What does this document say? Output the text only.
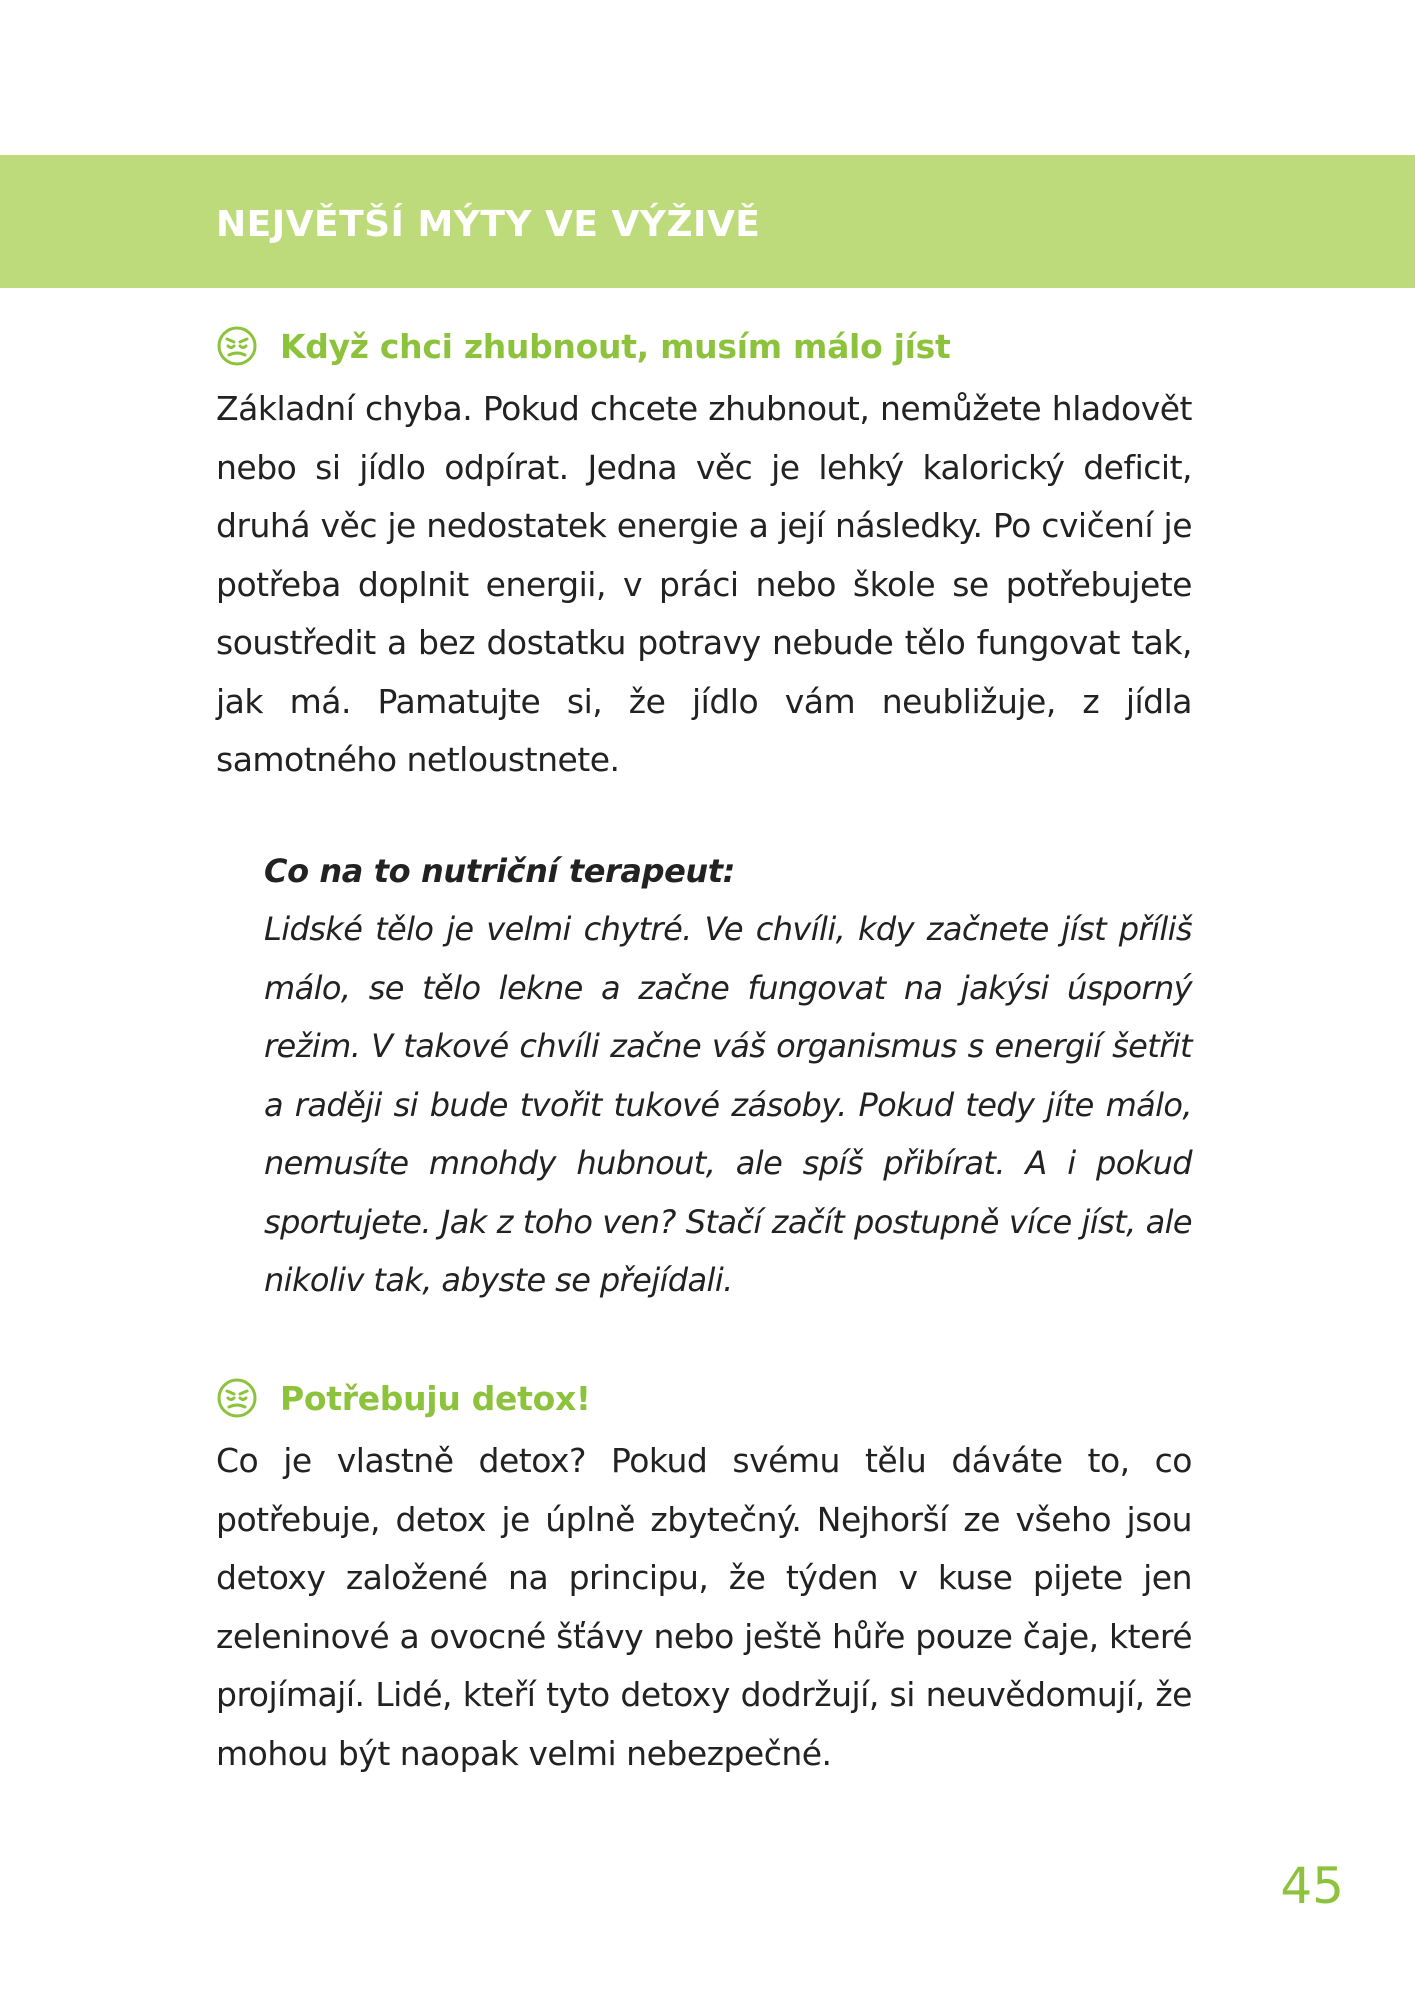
NEJVĚTŠÍ MÝTY VE VÝŽIVĚ
Když chci zhubnout, musím málo jíst

Základní chyba. Pokud chcete zhubnout, nemůžete hladovět nebo si jídlo odpírat. Jedna věc je lehký kalorický deficit, druhá věc je nedostatek energie a její následky. Po cvičení je potřeba doplnit energii, v práci nebo škole se potřebujete soustředit a bez dostatku potravy nebude tělo fungovat tak, jak má. Pamatujte si, že jídlo vám neubližuje, z jídla samotného netloustnete.

Co na to nutriční terapeut:

Lidské tělo je velmi chytré. Ve chvíli, kdy začnete jíst příliš málo, se tělo lekne a začne fungovat na jakýsi úsporný režim. V takové chvíli začne váš organismus s energií šetřit a raději si bude tvořit tukové zásoby. Pokud tedy jíte málo, nemusíte mnohdy hubnout, ale spíš přibírat. A i pokud sportujete. Jak z toho ven? Stačí začít postupně více jíst, ale nikoliv tak, abyste se přejídali.

Potřebuju detox!

Co je vlastně detox? Pokud svému tělu dáváte to, co potřebuje, detox je úplně zbytečný. Nejhorší ze všeho jsou detoxy založené na principu, že týden v kuse pijete jen zeleninové a ovocné šťávy nebo ještě hůře pouze čaje, které projímají. Lidé, kteří tyto detoxy dodržují, si neuvědomují, že mohou být naopak velmi nebezpečné.

45
